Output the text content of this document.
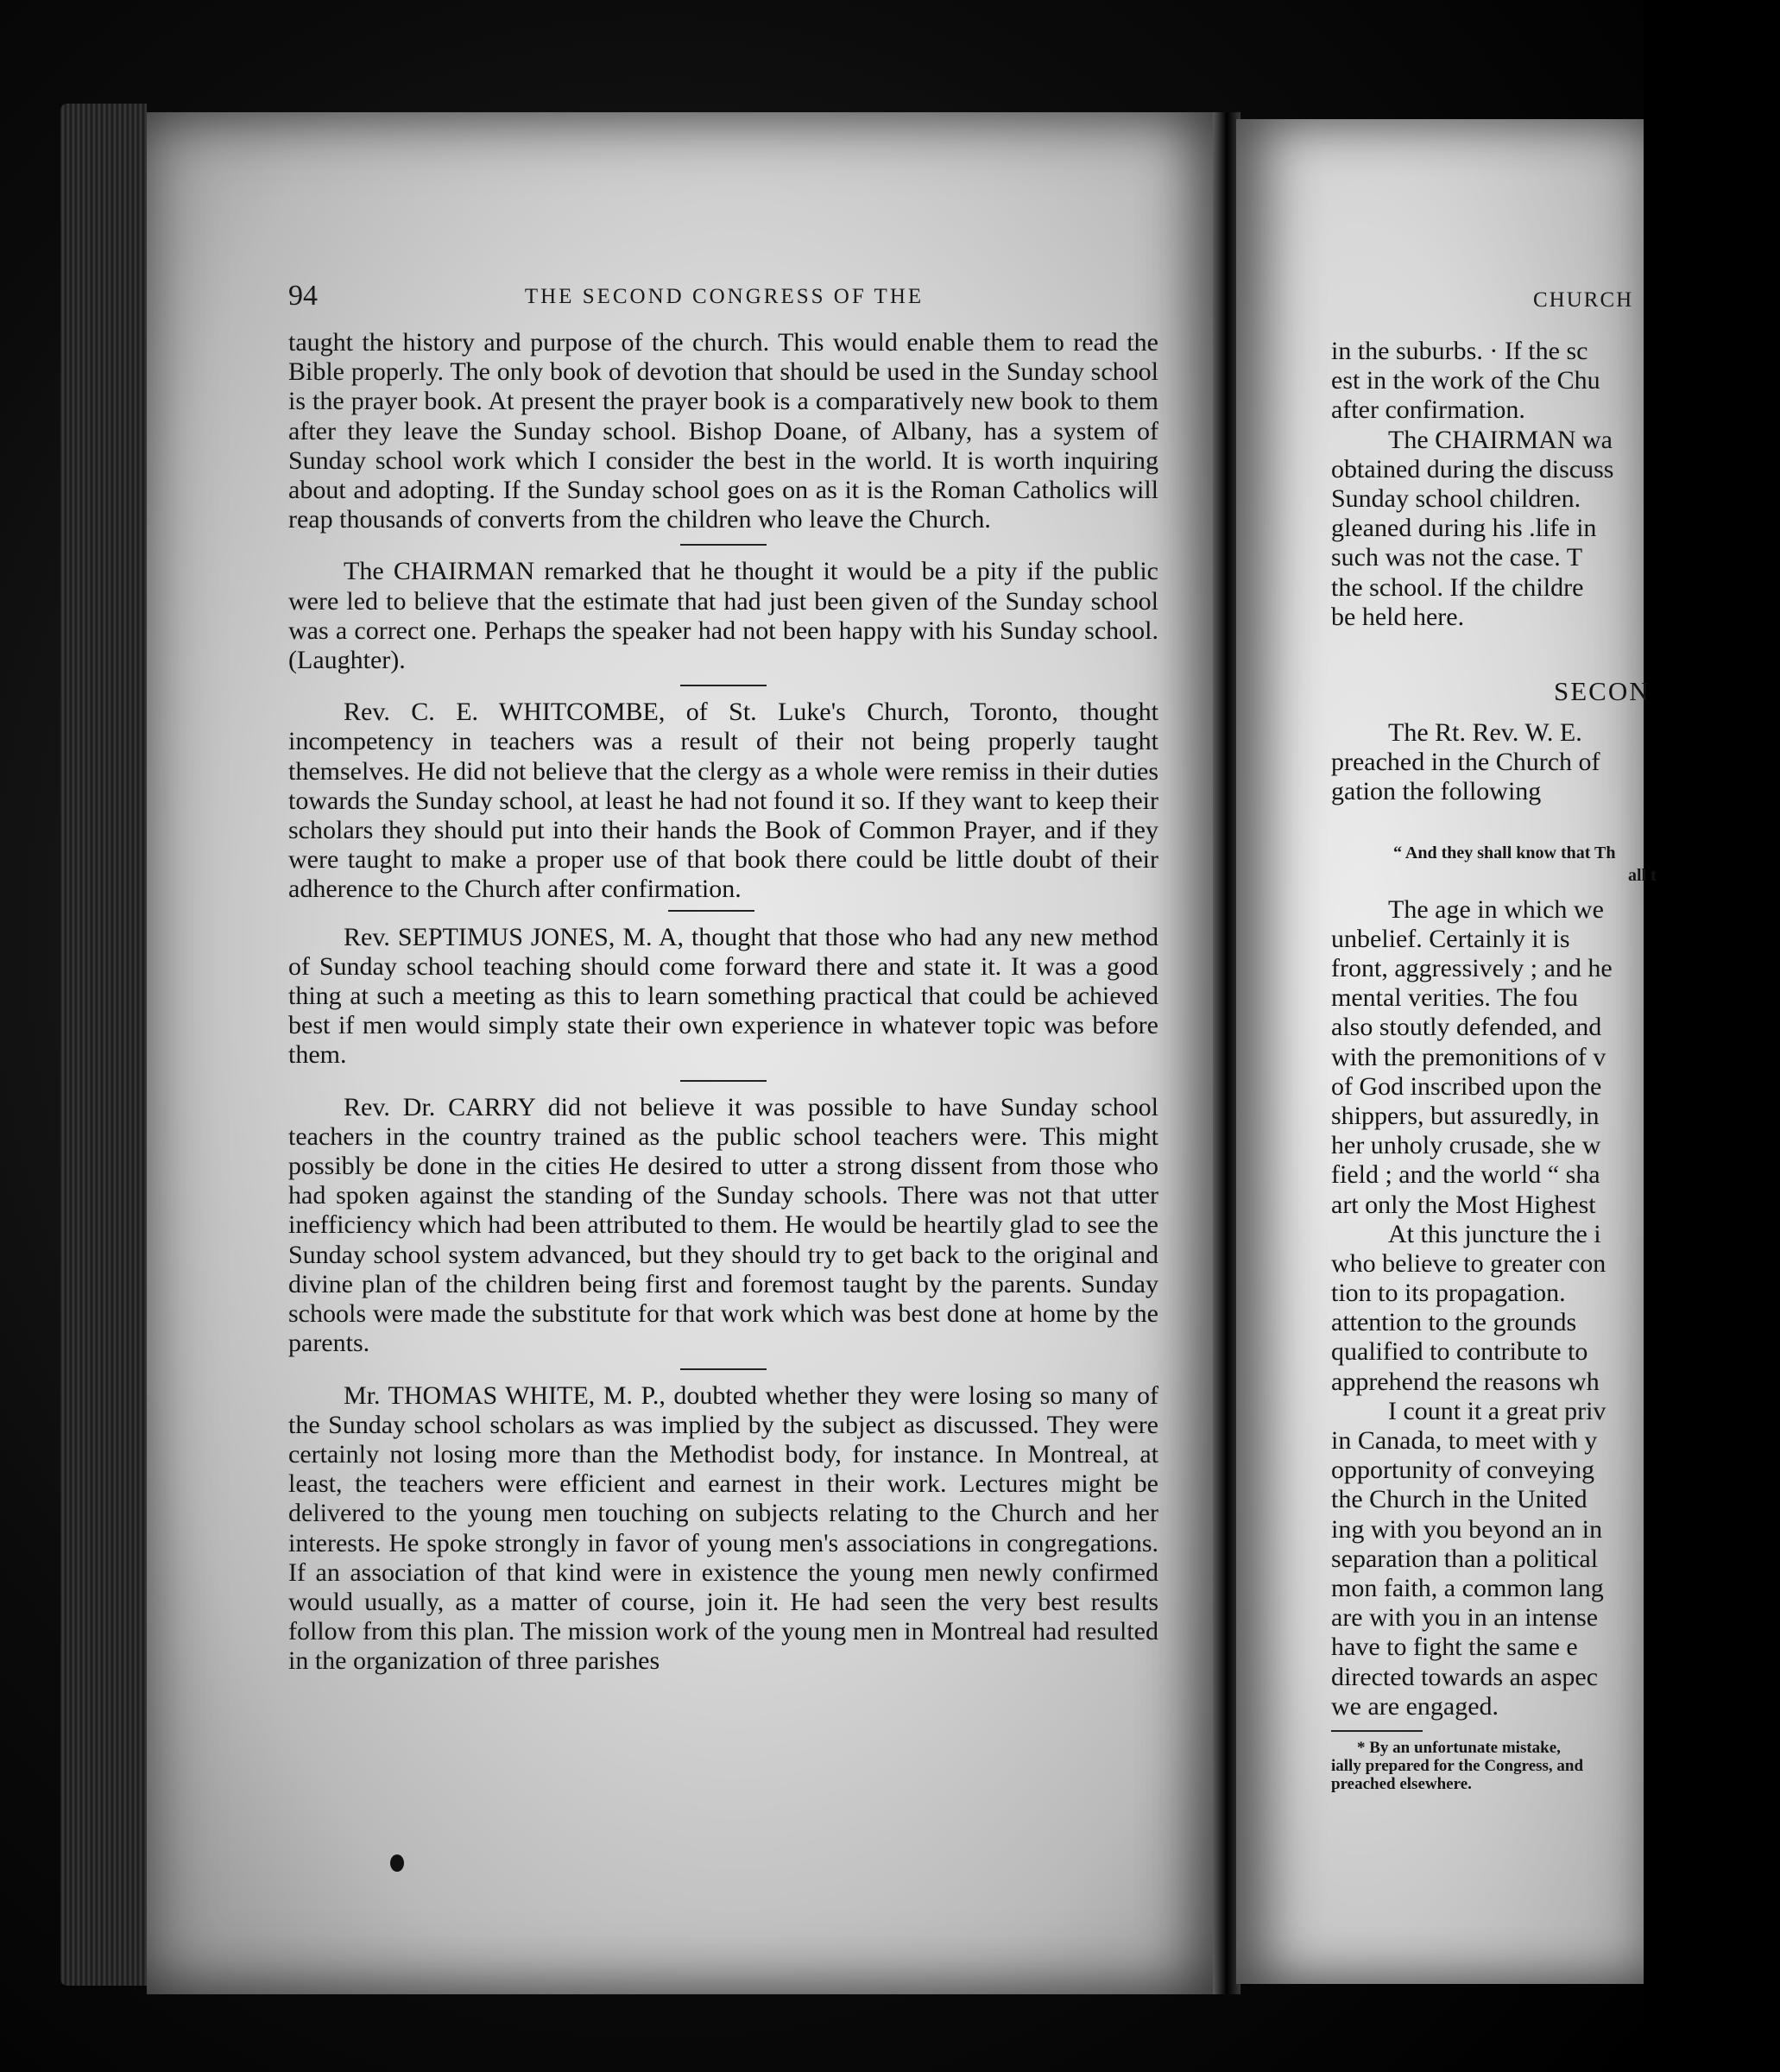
94	THE SECOND CONGRESS OF THE

taught the history and purpose of the church. This would enable them to read the Bible properly. The only book of devotion that should be used in the Sunday school is the prayer book. At present the prayer book is a comparatively new book to them after they leave the Sunday school. Bishop Doane, of Albany, has a system of Sunday school work which I consider the best in the world. It is worth inquiring about and adopting. If the Sunday school goes on as it is the Roman Catholics will reap thousands of converts from the children who leave the Church.

The CHAIRMAN remarked that he thought it would be a pity if the public were led to believe that the estimate that had just been given of the Sunday school was a correct one. Perhaps the speaker had not been happy with his Sunday school. (Laughter).

Rev. C. E. WHITCOMBE, of St. Luke's Church, Toronto, thought incompetency in teachers was a result of their not being properly taught themselves. He did not believe that the clergy as a whole were remiss in their duties towards the Sunday school, at least he had not found it so. If they want to keep their scholars they should put into their hands the Book of Common Prayer, and if they were taught to make a proper use of that book there could be little doubt of their adherence to the Church after confirmation.

Rev. SEPTIMUS JONES, M. A, thought that those who had any new method of Sunday school teaching should come forward there and state it. It was a good thing at such a meeting as this to learn something practical that could be achieved best if men would simply state their own experience in whatever topic was before them.

Rev. Dr. CARRY did not believe it was possible to have Sunday school teachers in the country trained as the public school teachers were. This might possibly be done in the cities He desired to utter a strong dissent from those who had spoken against the standing of the Sunday schools. There was not that utter inefficiency which had been attributed to them. He would be heartily glad to see the Sunday school system advanced, but they should try to get back to the original and divine plan of the children being first and foremost taught by the parents. Sunday schools were made the substitute for that work which was best done at home by the parents.

Mr. THOMAS WHITE, M. P., doubted whether they were losing so many of the Sunday school scholars as was implied by the subject as discussed. They were certainly not losing more than the Methodist body, for instance. In Montreal, at least, the teachers were efficient and earnest in their work. Lectures might be delivered to the young men touching on subjects relating to the Church and her interests. He spoke strongly in favor of young men's associations in congregations. If an association of that kind were in existence the young men newly confirmed would usually, as a matter of course, join it. He had seen the very best results follow from this plan. The mission work of the young men in Montreal had resulted in the organization of three parishes

CHURCH
in the suburbs. · If the sc
est in the work of the Chu
after confirmation.
The CHAIRMAN wa
obtained during the discuss
Sunday school children.
gleaned during his .life in
such was not the case. T
the school. If the childre
be held here.
SECON
The Rt. Rev. W. E.
preached in the Church of
gation the following
“ And they shall know that Th
all t
The age in which we
unbelief. Certainly it is
front, aggressively ; and he
mental verities. The fou
also stoutly defended, and
with the premonitions of v
of God inscribed upon the
shippers, but assuredly, in
her unholy crusade, she w
field ; and the world “ sha
art only the Most Highest
At this juncture the i
who believe to greater con
tion to its propagation.
attention to the grounds
qualified to contribute to
apprehend the reasons wh
I count it a great priv
in Canada, to meet with y
opportunity of conveying
the Church in the United
ing with you beyond an in
separation than a political
mon faith, a common lang
are with you in an intense
have to fight the same e
directed towards an aspec
we are engaged.
* By an unfortunate mistake,
ially prepared for the Congress, and
preached elsewhere.
